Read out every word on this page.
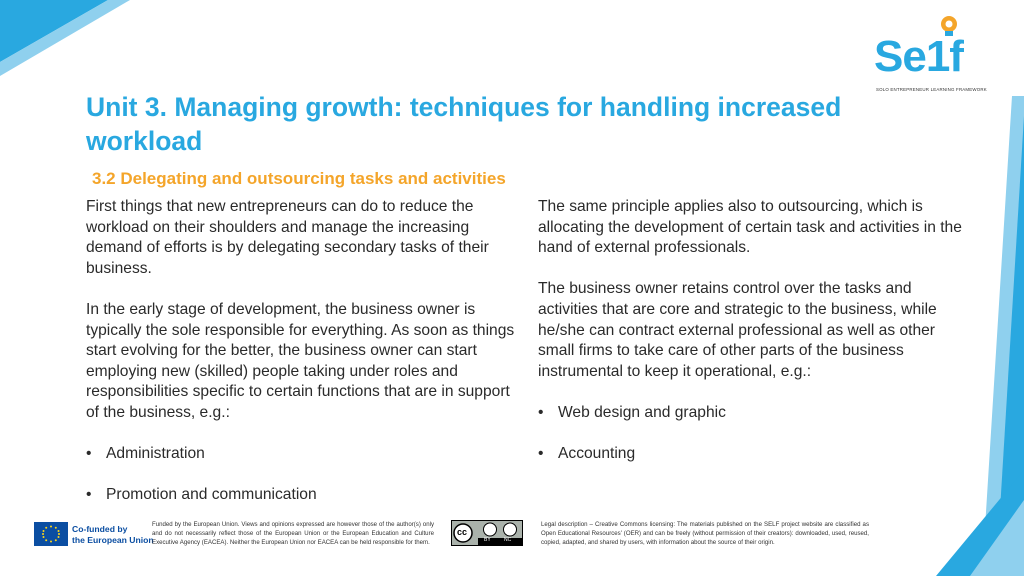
Se1f
SOLO ENTREPRENEUR LEARNING FRAMEWORK
Unit 3. Managing growth: techniques for handling increased workload
3.2 Delegating and outsourcing tasks and activities

First things that new entrepreneurs can do to reduce the workload on their shoulders and manage the increasing demand of efforts is by delegating secondary tasks of their business.

In the early stage of development, the business owner is typically the sole responsible for everything. As soon as things start evolving for the better, the business owner can start employing new (skilled) people taking under roles and responsibilities specific to certain functions that are in support of the business, e.g.:

• Administration
• Promotion and communication

The same principle applies also to outsourcing, which is allocating the development of certain task and activities in the hand of external professionals.

The business owner retains control over the tasks and activities that are core and strategic to the business, while he/she can contract external professional as well as other small firms to take care of other parts of the business instrumental to keep it operational, e.g.:

• Web design and graphic
• Accounting
Co-funded by
the European Union
Funded by the European Union. Views and opinions expressed are however those of the author(s) only and do not necessarily reflect those of the European Union or the European Education and Culture Executive Agency (EACEA). Neither the European Union nor EACEA can be held responsible for them.
cc
BY	NC
Legal description – Creative Commons licensing: The materials published on the SELF project website are classified as Open Educational Resources' (OER) and can be freely (without permission of their creators): downloaded, used, reused, copied, adapted, and shared by users, with information about the source of their origin.
